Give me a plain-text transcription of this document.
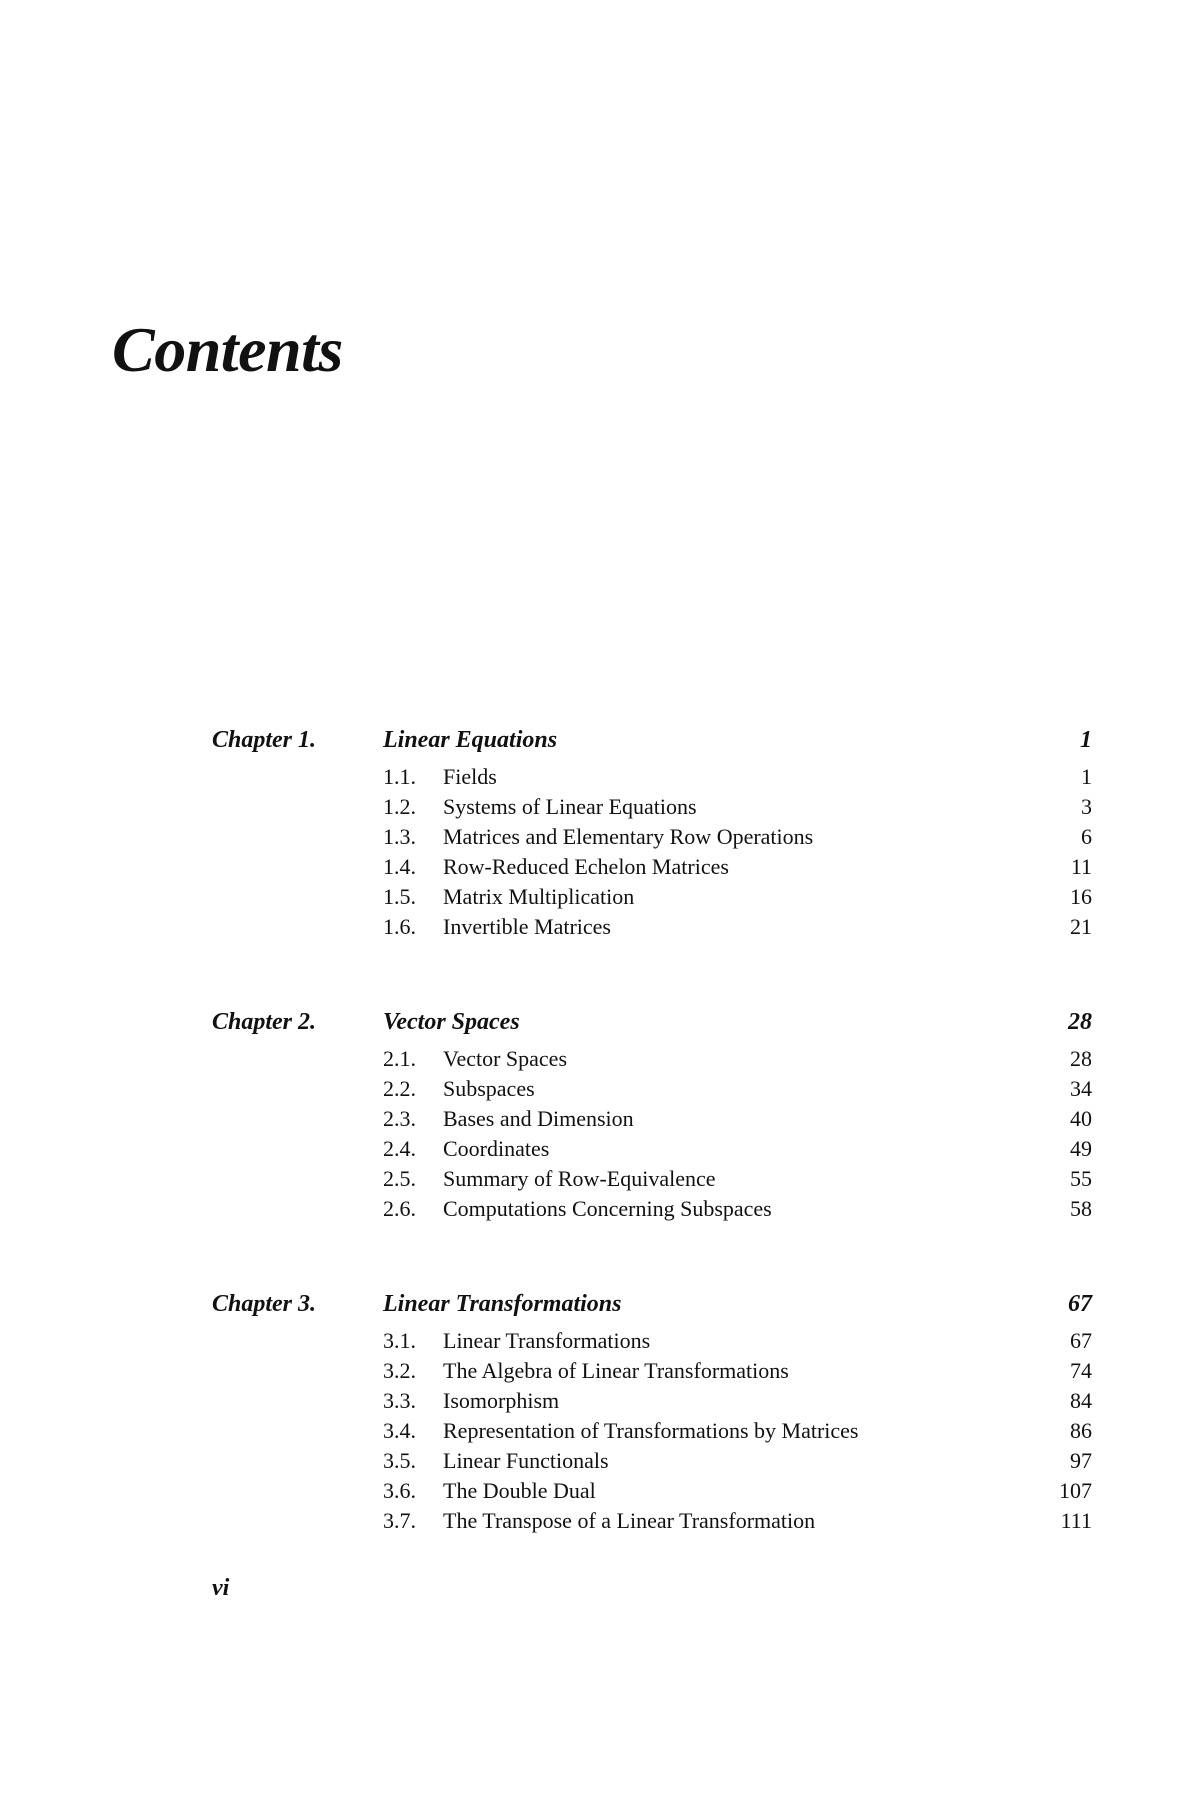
Contents
Chapter 1.	Linear Equations	1
1.1. Fields	1
1.2. Systems of Linear Equations	3
1.3. Matrices and Elementary Row Operations	6
1.4. Row-Reduced Echelon Matrices	11
1.5. Matrix Multiplication	16
1.6. Invertible Matrices	21
Chapter 2.	Vector Spaces	28
2.1. Vector Spaces	28
2.2. Subspaces	34
2.3. Bases and Dimension	40
2.4. Coordinates	49
2.5. Summary of Row-Equivalence	55
2.6. Computations Concerning Subspaces	58
Chapter 3.	Linear Transformations	67
3.1. Linear Transformations	67
3.2. The Algebra of Linear Transformations	74
3.3. Isomorphism	84
3.4. Representation of Transformations by Matrices	86
3.5. Linear Functionals	97
3.6. The Double Dual	107
3.7. The Transpose of a Linear Transformation	111
vi
